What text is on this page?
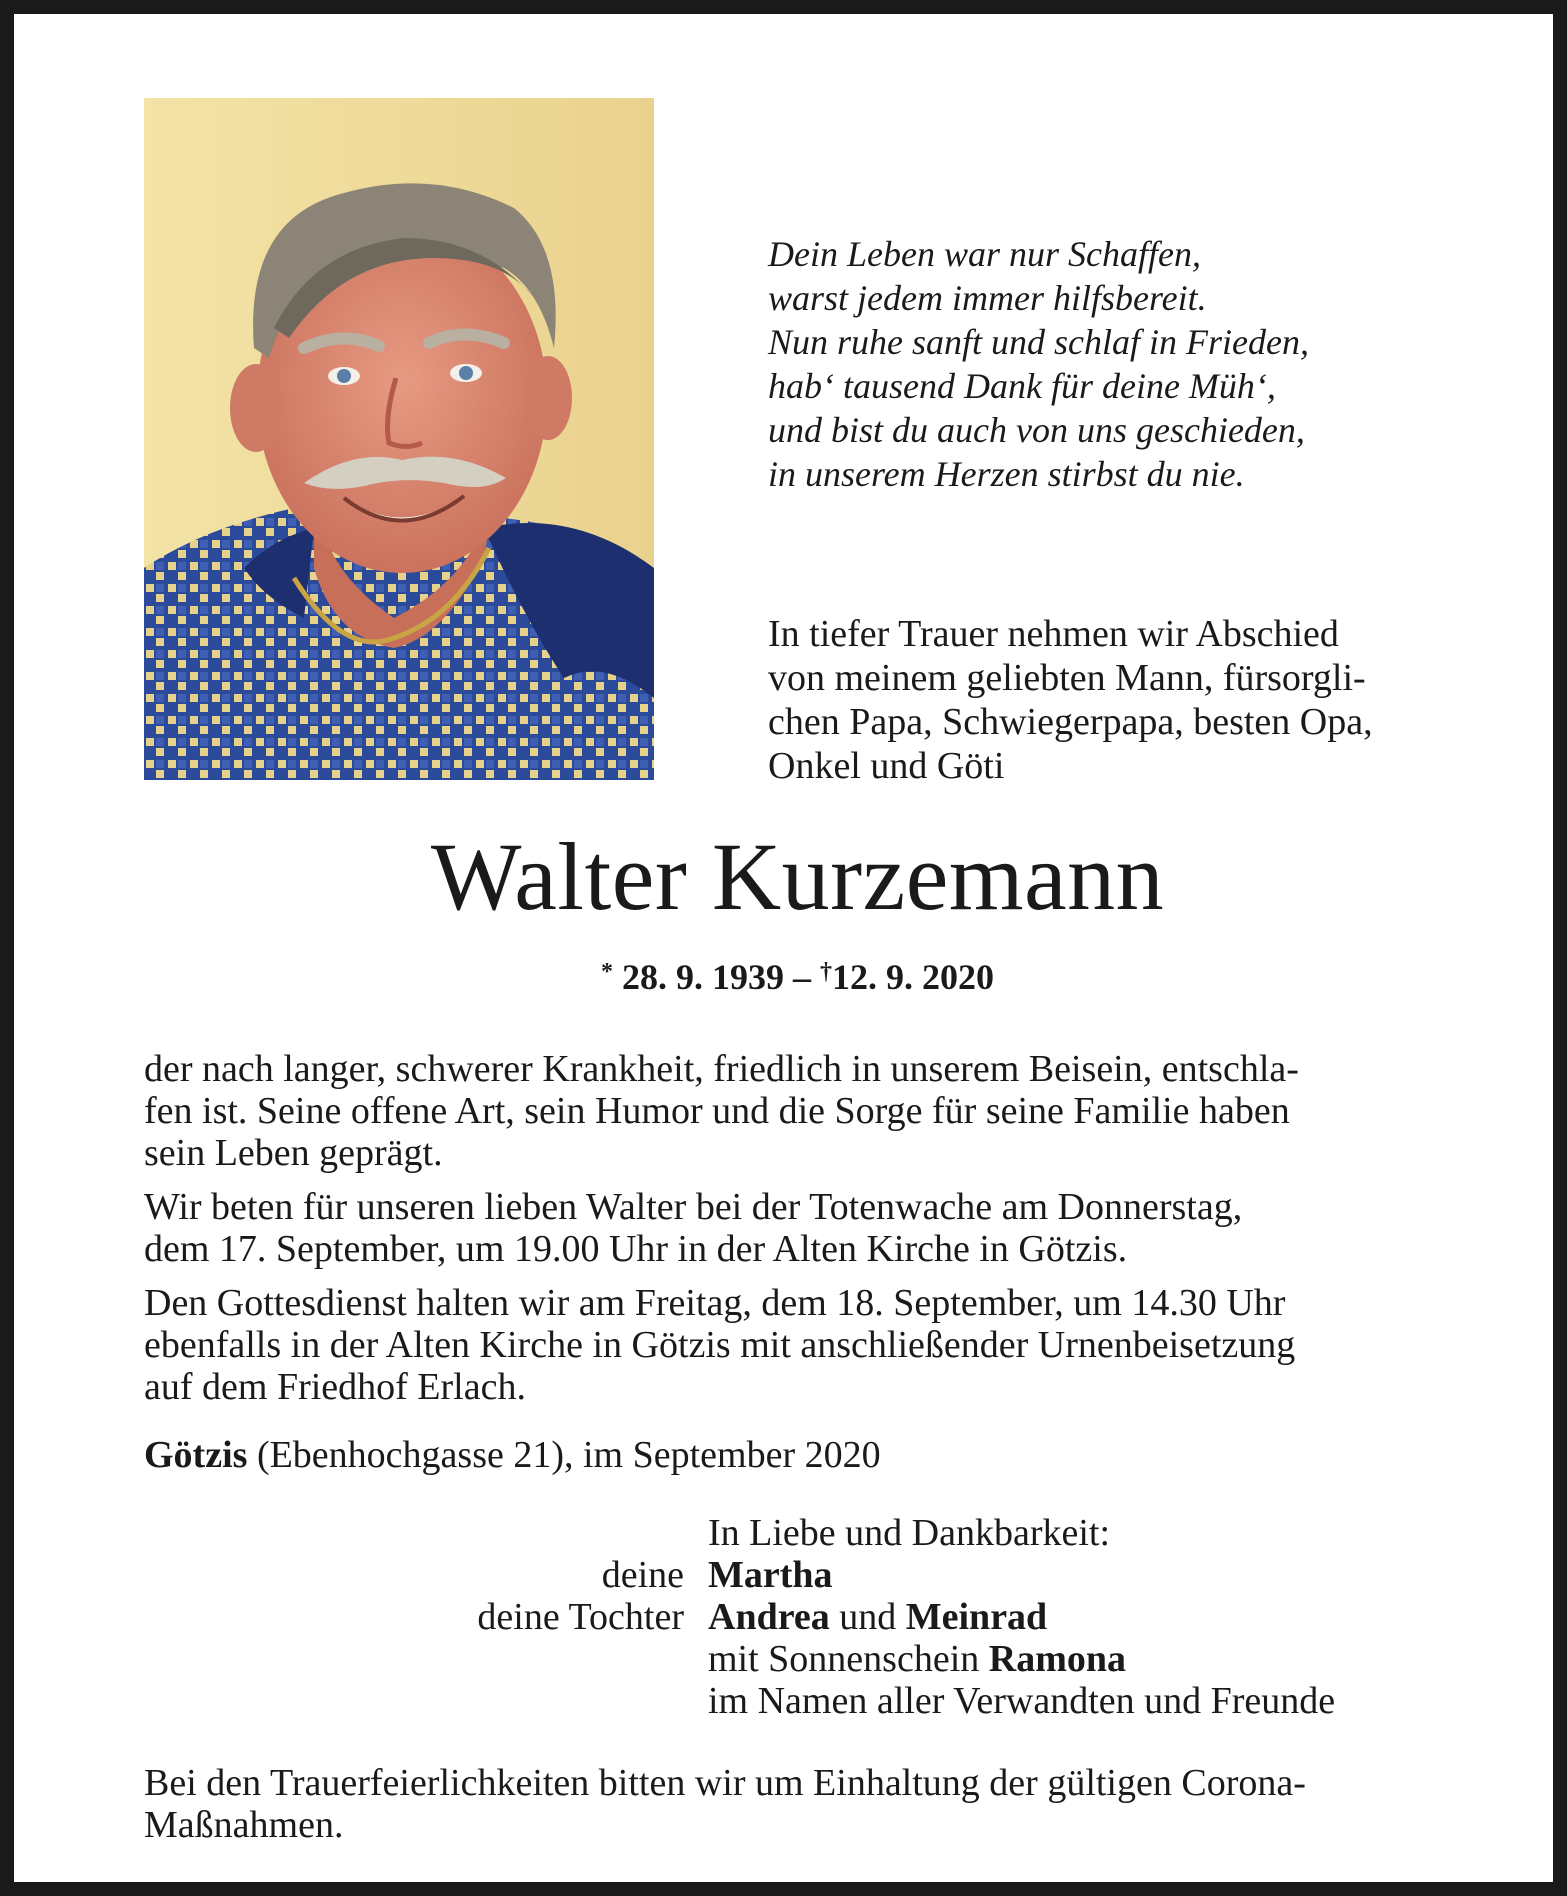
Dein Leben war nur Schaffen,
warst jedem immer hilfsbereit.
Nun ruhe sanft und schlaf in Frieden,
hab‘ tausend Dank für deine Müh‘,
und bist du auch von uns geschieden,
in unserem Herzen stirbst du nie.
In tiefer Trauer nehmen wir Abschied
von meinem geliebten Mann, fürsorgli-
chen Papa, Schwiegerpapa, besten Opa,
Onkel und Göti
Walter Kurzemann
* 28. 9. 1939 – †12. 9. 2020

der nach langer, schwerer Krankheit, friedlich in unserem Beisein, entschla-
fen ist. Seine offene Art, sein Humor und die Sorge für seine Familie haben
sein Leben geprägt.

Wir beten für unseren lieben Walter bei der Totenwache am Donnerstag,
dem 17. September, um 19.00 Uhr in der Alten Kirche in Götzis.

Den Gottesdienst halten wir am Freitag, dem 18. September, um 14.30 Uhr
ebenfalls in der Alten Kirche in Götzis mit anschließender Urnenbeisetzung
auf dem Friedhof Erlach.

Götzis (Ebenhochgasse 21), im September 2020
In Liebe und Dankbarkeit:
deine Martha
deine Tochter Andrea und Meinrad
mit Sonnenschein Ramona
im Namen aller Verwandten und Freunde
Bei den Trauerfeierlichkeiten bitten wir um Einhaltung der gültigen Corona-
Maßnahmen.
